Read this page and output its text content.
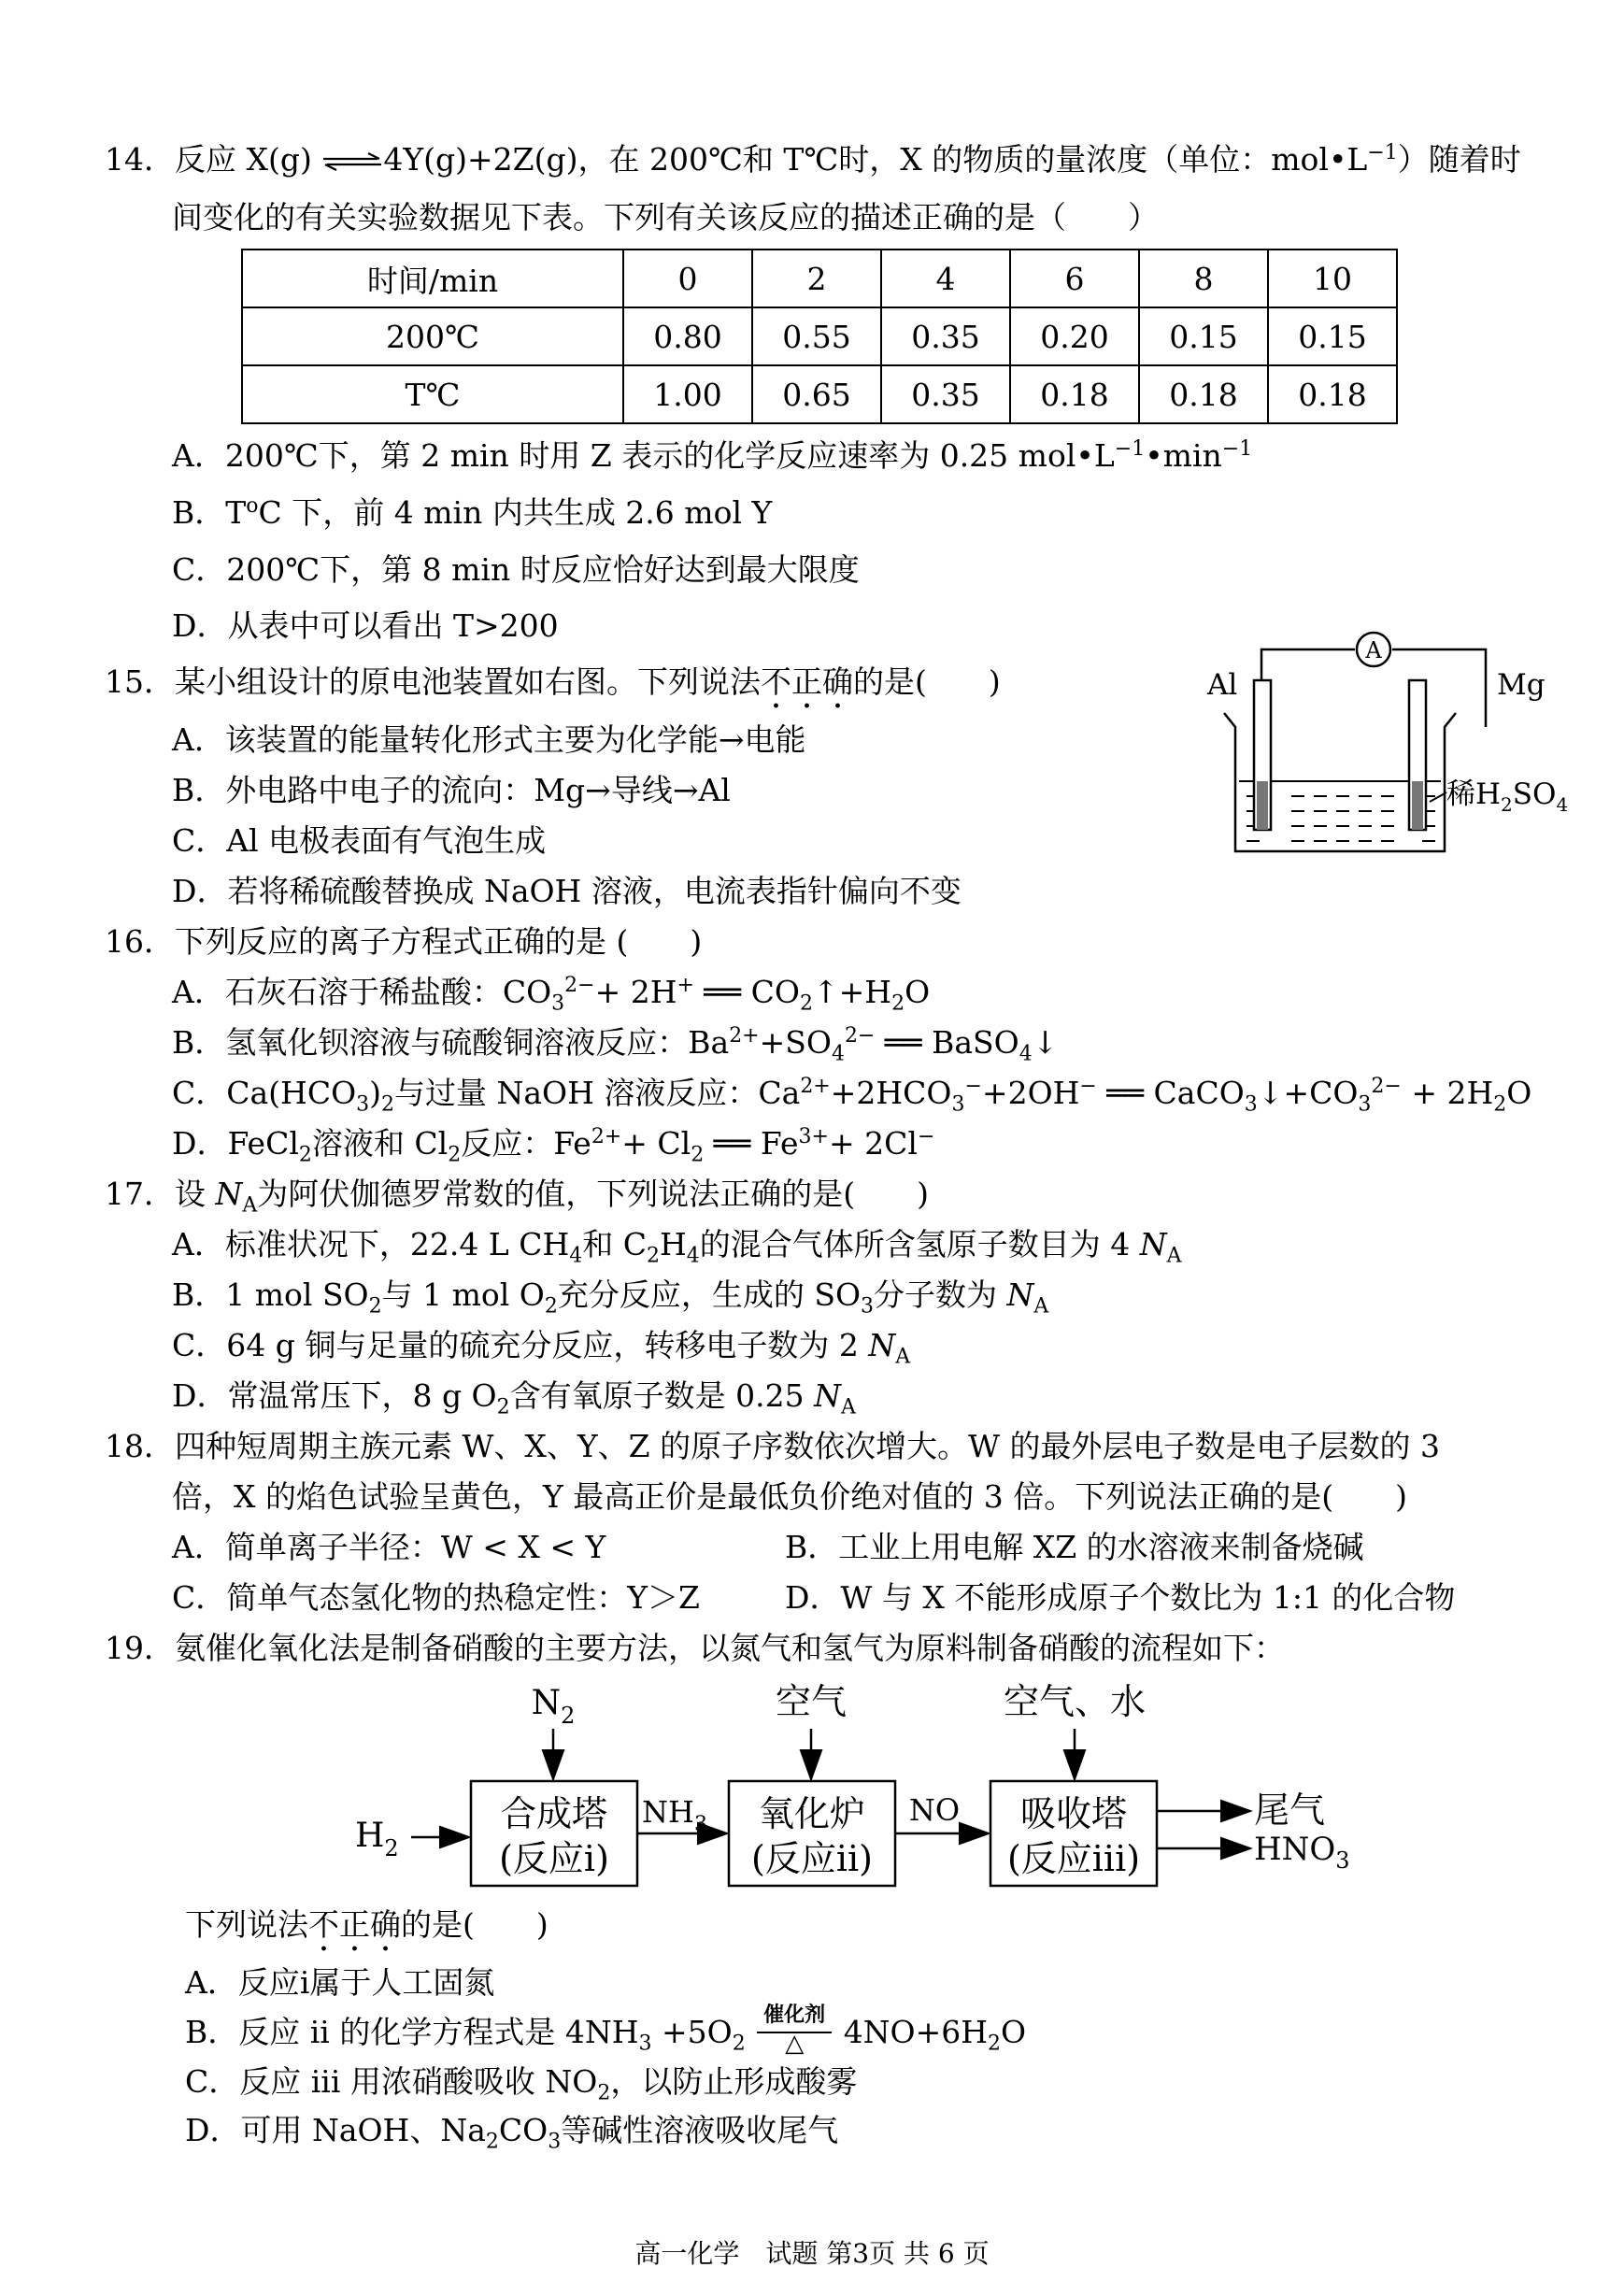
14．反应 X(g) ⇌4Y(g)+2Z(g)，在 200℃和 T℃时，X 的物质的量浓度（单位：$mol•L^{-1}$）随着时
间变化的有关实验数据见下表。下列有关该反应的描述正确的是（　　）
时间/min	0	2	4	6	8	10
200℃	0.80	0.55	0.35	0.20	0.15	0.15
T℃	1.00	0.65	0.35	0.18	0.18	0.18
A．200℃下，第 2 min 时用 Z 表示的化学反应速率为 0.25 $mol•L^{-1}•\min^{-1}$
B．$T^oC$ 下，前 4 min 内共生成 2.6 mol Y
C．200℃下，第 8 min 时反应恰好达到最大限度
D．从表中可以看出 T>200
15．某小组设计的原电池装置如右图。下列说法不正确的是(　　)
A．该装置的能量转化形式主要为化学能→电能
B．外电路中电子的流向：Mg→导线→Al
C．Al 电极表面有气泡生成
D．若将稀硫酸替换成 NaOH 溶液，电流表指针偏向不变
A
Al	Mg
稀$H_2SO_4$
16．下列反应的离子方程式正确的是 (　　)
A．石灰石溶于稀盐酸：$CO_3^{2-}+ 2H^+$ ══ $CO_2↑+H_2O$
B．氢氧化钡溶液与硫酸铜溶液反应：$Ba^{2+}+SO_4^{2-}$ ══ BaSO$_4$↓
C．$Ca(HCO_3)_2$与过量 NaOH 溶液反应：$Ca^{2+}+2HCO_3^-+2OH^-$ ══ $CaCO_3↓+CO_3^{2-} + 2H_2O$
D．FeCl$_2$溶液和 $Cl_2$反应：$Fe^{2+}+ Cl_2$ ══ $Fe^{3+}+ 2Cl^-$
17．设 $N_A$为阿伏伽德罗常数的值，下列说法正确的是(　　)
A．标准状况下，22.4 L $CH_4$和 $C_2H_4$的混合气体所含氢原子数目为 4 $N_A$
B．1 mol $SO_2$与 1 mol $O_2$充分反应，生成的 $SO_3$分子数为 $N_A$
C．64 g 铜与足量的硫充分反应，转移电子数为 2 $N_A$
D．常温常压下，8 g $O_2$含有氧原子数是 0.25 $N_A$
18．四种短周期主族元素 W、X、Y、Z 的原子序数依次增大。W 的最外层电子数是电子层数的 3
倍，X 的焰色试验呈黄色，Y 最高正价是最低负价绝对值的 3 倍。下列说法正确的是(　　)
A．简单离子半径：W < X < Y	B．工业上用电解 XZ 的水溶液来制备烧碱
C．简单气态氢化物的热稳定性：Y＞Z	D．W 与 X 不能形成原子个数比为 1:1 的化合物
19．氨催化氧化法是制备硝酸的主要方法，以氮气和氢气为原料制备硝酸的流程如下：
$N_2$	空气	空气、水
$H_2$
合成塔
(反应i)
$NH_3$ 氧化炉
(反应ii)
NO 吸收塔
(反应iii)
尾气
$HNO_3$
下列说法不正确的是(　　)
A．反应i属于人工固氮
B．反应 ii 的化学方程式是 $4NH_3 +5O_2$
催化剂
△	$4NO+6H_2O$
C．反应 iii 用浓硝酸吸收 $NO_2$，以防止形成酸雾
D．可用 NaOH、$Na_2CO_3$等碱性溶液吸收尾气
高一化学　试题 第3页 共 6 页
